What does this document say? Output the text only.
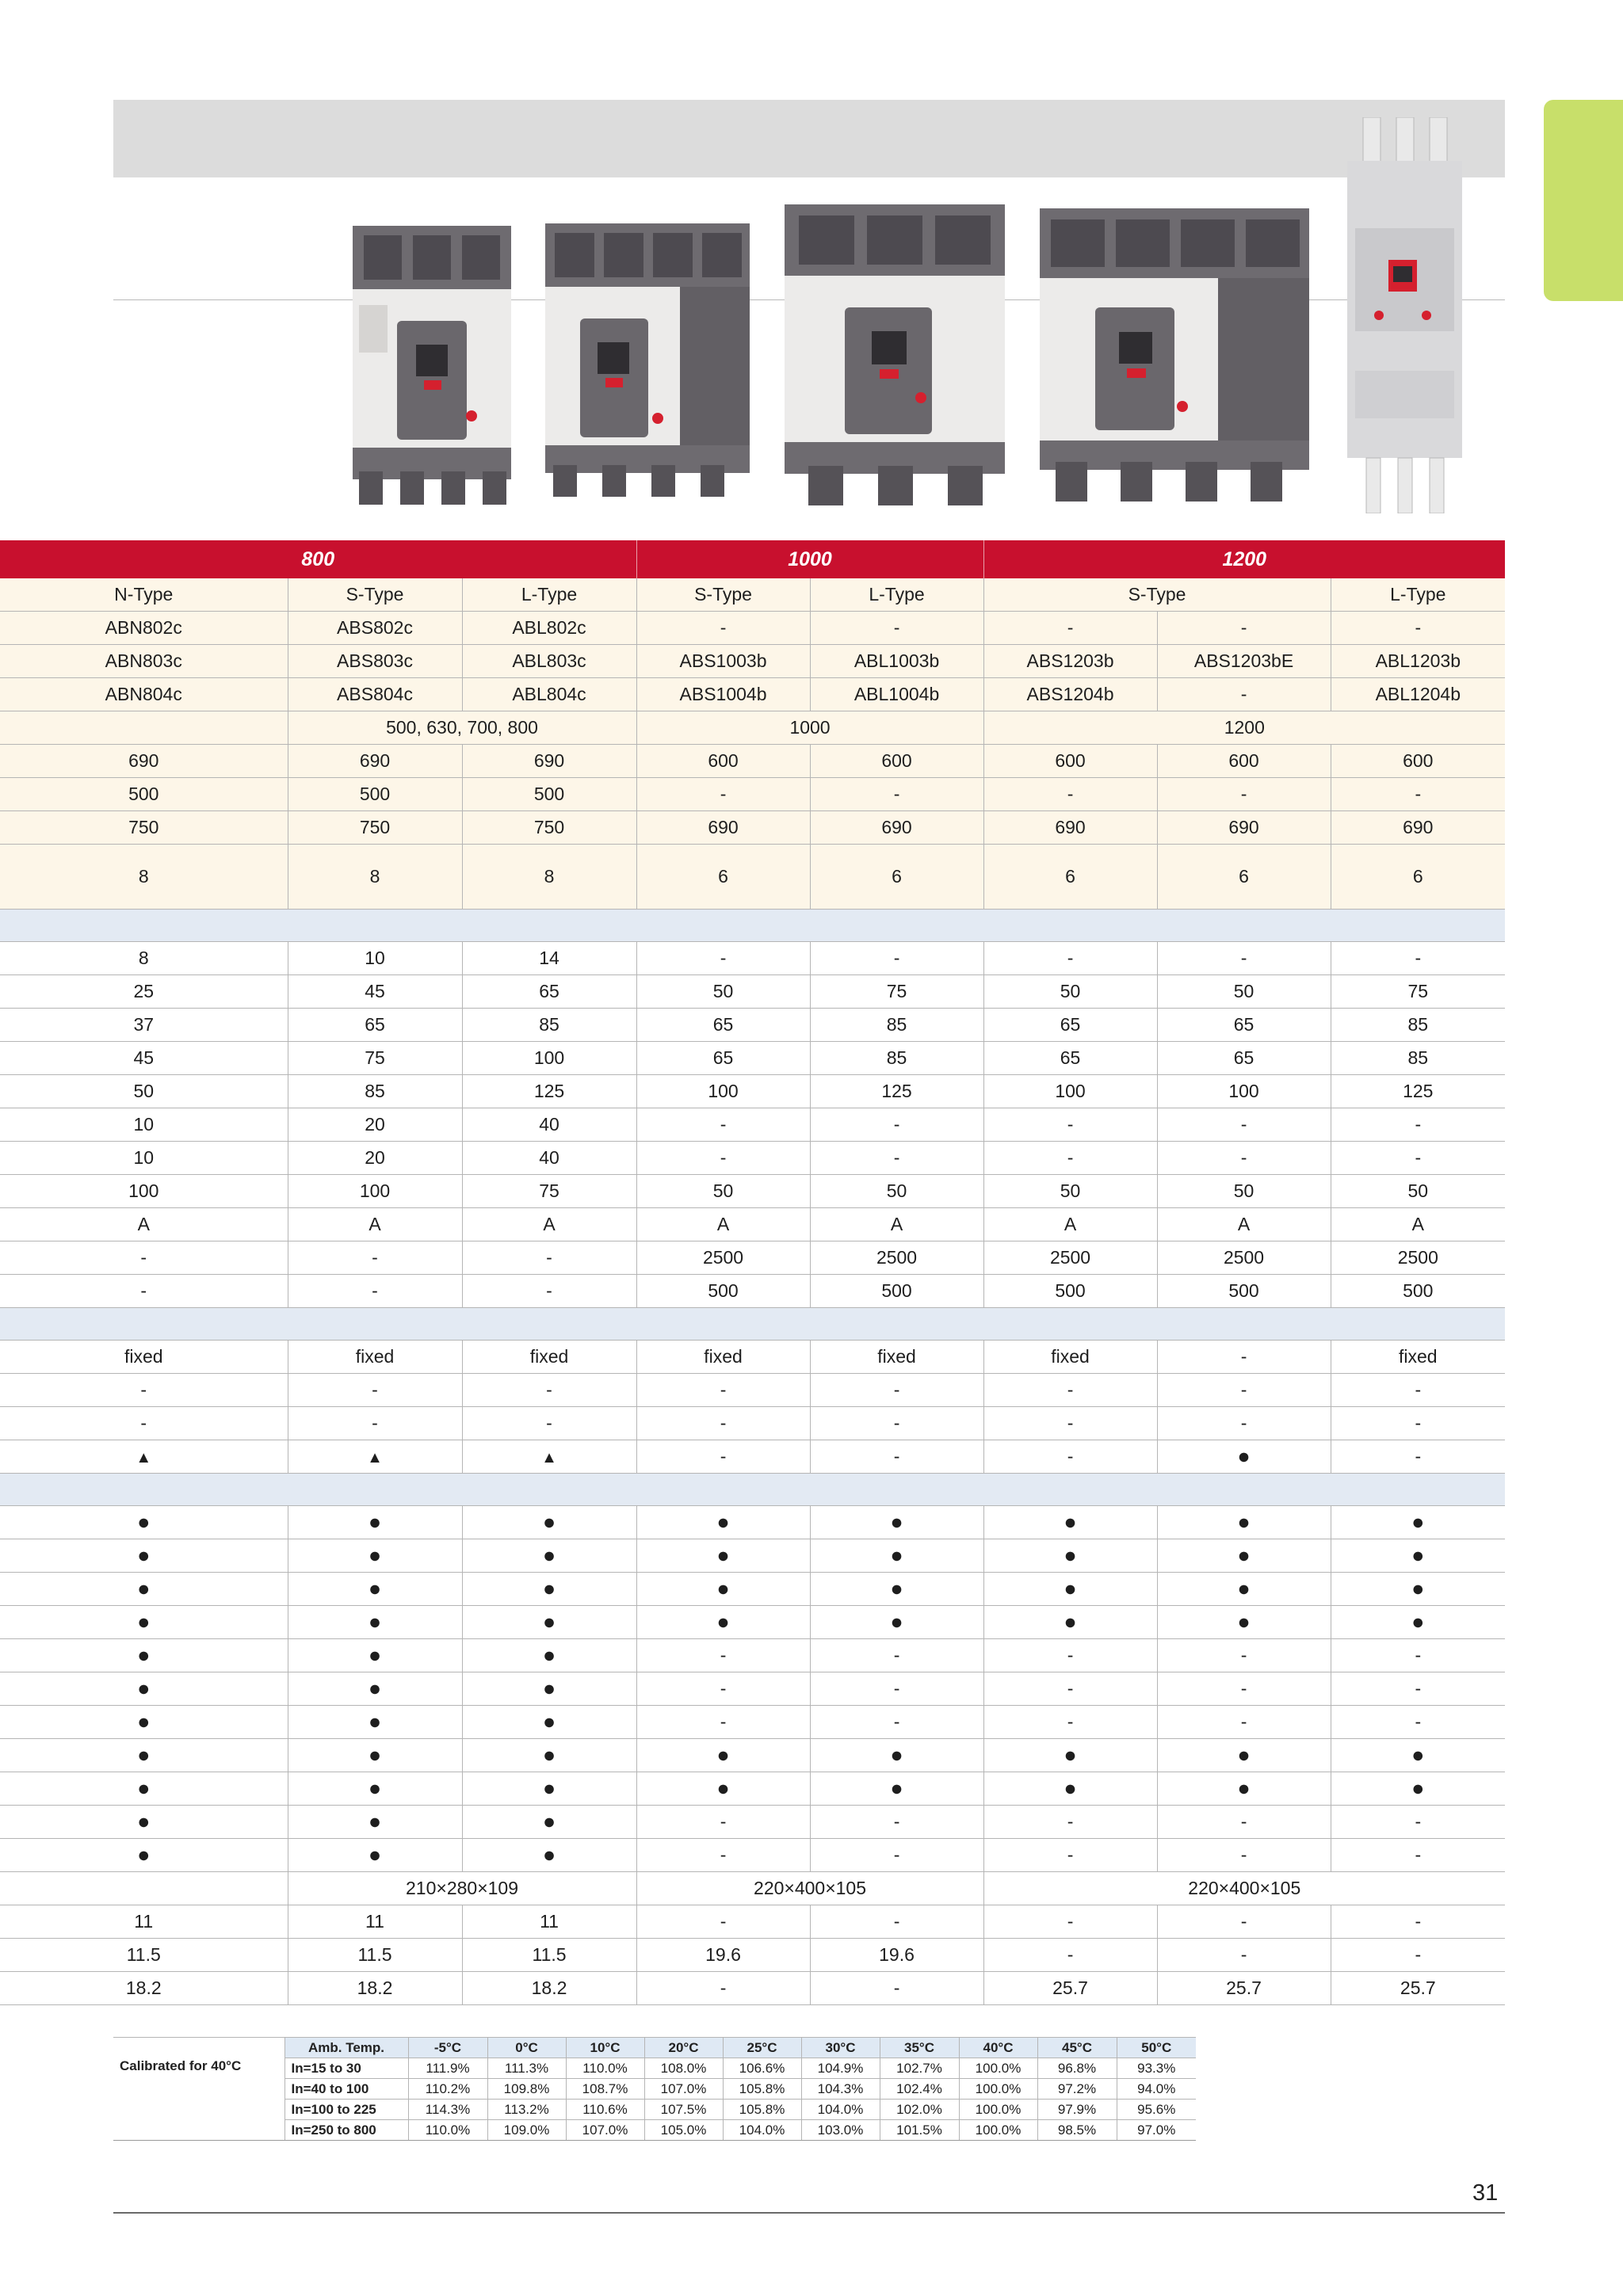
800			1000		1200		
N-Type	S-Type	L-Type	S-Type	L-Type	S-Type		L-Type
ABN802c	ABS802c	ABL802c	-	-	-	-	-
ABN803c	ABS803c	ABL803c	ABS1003b	ABL1003b	ABS1203b	ABS1203bE	ABL1203b
ABN804c	ABS804c	ABL804c	ABS1004b	ABL1004b	ABS1204b	-	ABL1204b
	500, 630, 700, 800		1000		1200		
690	690	690	600	600	600	600	600
500	500	500	-	-	-	-	-
750	750	750	690	690	690	690	690
8	8	8	6	6	6	6	6

8	10	14	-	-	-	-	-
25	45	65	50	75	50	50	75
37	65	85	65	85	65	65	85
45	75	100	65	85	65	65	85
50	85	125	100	125	100	100	125
10	20	40	-	-	-	-	-
10	20	40	-	-	-	-	-
100	100	75	50	50	50	50	50
A	A	A	A	A	A	A	A
-	-	-	2500	2500	2500	2500	2500
-	-	-	500	500	500	500	500

fixed	fixed	fixed	fixed	fixed	fixed	-	fixed
-	-	-	-	-	-	-	-
-	-	-	-	-	-	-	-
▲	▲	▲	-	-	-	●	-

●	●	●	●	●	●	●	●
●	●	●	●	●	●	●	●
●	●	●	●	●	●	●	●
●	●	●	●	●	●	●	●
●	●	●	-	-	-	-	-
●	●	●	-	-	-	-	-
●	●	●	-	-	-	-	-
●	●	●	●	●	●	●	●
●	●	●	●	●	●	●	●
●	●	●	-	-	-	-	-
●	●	●	-	-	-	-	-
	210×280×109		220×400×105		220×400×105		
11	11	11	-	-	-	-	-
11.5	11.5	11.5	19.6	19.6	-	-	-
18.2	18.2	18.2	-	-	25.7	25.7	25.7
	Amb. Temp.	-5°C	0°C	10°C	20°C	25°C	30°C	35°C	40°C	45°C	50°C
Calibrated for 40°C	In=15 to 30	111.9%	111.3%	110.0%	108.0%	106.6%	104.9%	102.7%	100.0%	96.8%	93.3%
	In=40 to 100	110.2%	109.8%	108.7%	107.0%	105.8%	104.3%	102.4%	100.0%	97.2%	94.0%
	In=100 to 225	114.3%	113.2%	110.6%	107.5%	105.8%	104.0%	102.0%	100.0%	97.9%	95.6%
	In=250 to 800	110.0%	109.0%	107.0%	105.0%	104.0%	103.0%	101.5%	100.0%	98.5%	97.0%
31
